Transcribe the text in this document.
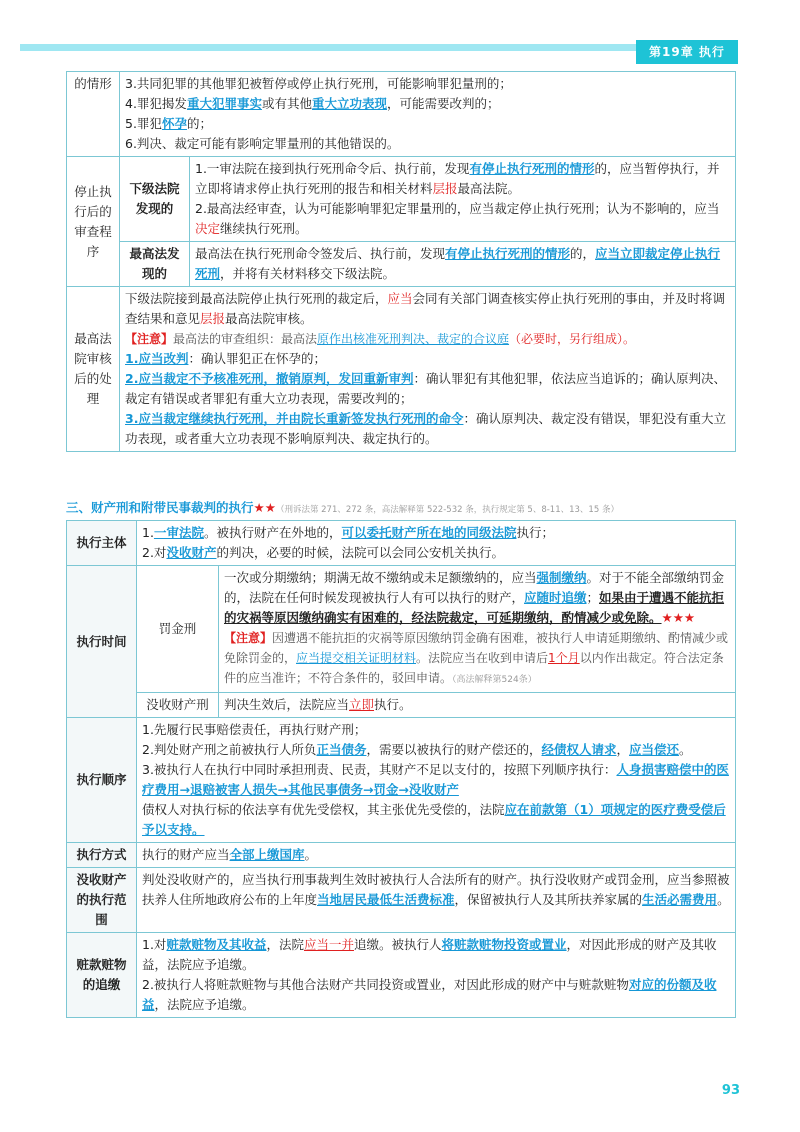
第19章 执行
的情形	3.共同犯罪的其他罪犯被暂停或停止执行死刑，可能影响罪犯量刑的；
4.罪犯揭发重大犯罪事实或有其他重大立功表现，可能需要改判的；
5.罪犯怀孕的；
6.判决、裁定可能有影响定罪量刑的其他错误的。	

停止执行后的审查程序	下级法院发现的	1.一审法院在接到执行死刑命令后、执行前，发现有停止执行死刑的情形的，应当暂停执行，并立即将请求停止执行死刑的报告和相关材料层报最高法院。
2.最高法经审查，认为可能影响罪犯定罪量刑的，应当裁定停止执行死刑；认为不影响的，应当决定继续执行死刑。

	最高法发现的	最高法在执行死刑命令签发后、执行前，发现有停止执行死刑的情形的，应当立即裁定停止执行死刑，并将有关材料移交下级法院。
最高法院审核后的处理	下级法院接到最高法院停止执行死刑的裁定后，应当会同有关部门调查核实停止执行死刑的事由，并及时将调查结果和意见层报最高法院审核。
【注意】最高法的审查组织：最高法原作出核准死刑判决、裁定的合议庭（必要时，另行组成）。
1.应当改判：确认罪犯正在怀孕的；
2.应当裁定不予核准死刑，撤销原判，发回重新审判：确认罪犯有其他犯罪，依法应当追诉的；确认原判决、裁定有错误或者罪犯有重大立功表现，需要改判的；
3.应当裁定继续执行死刑，并由院长重新签发执行死刑的命令：确认原判决、裁定没有错误，罪犯没有重大立功表现，或者重大立功表现不影响原判决、裁定执行的。	
三、财产刑和附带民事裁判的执行★★（刑诉法第 271、272 条，高法解释第 522-532 条，执行规定第 5、8-11、13、15 条）
执行主体	1.一审法院。被执行财产在外地的，可以委托财产所在地的同级法院执行；
2.对没收财产的判决，必要的时候，法院可以会同公安机关执行。	

执行时间	罚金刑	一次或分期缴纳；期满无故不缴纳或未足额缴纳的，应当强制缴纳。对于不能全部缴纳罚金的，法院在任何时候发现被执行人有可以执行的财产，应随时追缴；如果由于遭遇不能抗拒的灾祸等原因缴纳确实有困难的，经法院裁定，可延期缴纳，酌情减少或免除。★★★
【注意】因遭遇不能抗拒的灾祸等原因缴纳罚金确有困难，被执行人申请延期缴纳、酌情减少或免除罚金的，应当提交相关证明材料。法院应当在收到申请后1个月以内作出裁定。符合法定条件的应当准许；不符合条件的，驳回申请。（高法解释第524条）

	没收财产刑	判决生效后，法院应当立即执行。
执行顺序	1.先履行民事赔偿责任，再执行财产刑；
2.判处财产刑之前被执行人所负正当债务，需要以被执行的财产偿还的，经债权人请求，应当偿还。
3.被执行人在执行中同时承担刑责、民责，其财产不足以支付的，按照下列顺序执行：人身损害赔偿中的医疗费用→退赔被害人损失→其他民事债务→罚金→没收财产
债权人对执行标的依法享有优先受偿权，其主张优先受偿的，法院应在前款第（1）项规定的医疗费受偿后予以支持。	

执行方式	执行的财产应当全部上缴国库。	
没收财产的执行范围	判处没收财产的，应当执行刑事裁判生效时被执行人合法所有的财产。执行没收财产或罚金刑，应当参照被扶养人住所地政府公布的上年度当地居民最低生活费标准，保留被执行人及其所扶养家属的生活必需费用。	
赃款赃物的追缴	1.对赃款赃物及其收益，法院应当一并追缴。被执行人将赃款赃物投资或置业，对因此形成的财产及其收益，法院应予追缴。
2.被执行人将赃款赃物与其他合法财产共同投资或置业，对因此形成的财产中与赃款赃物对应的份额及收益，法院应予追缴。	
93
